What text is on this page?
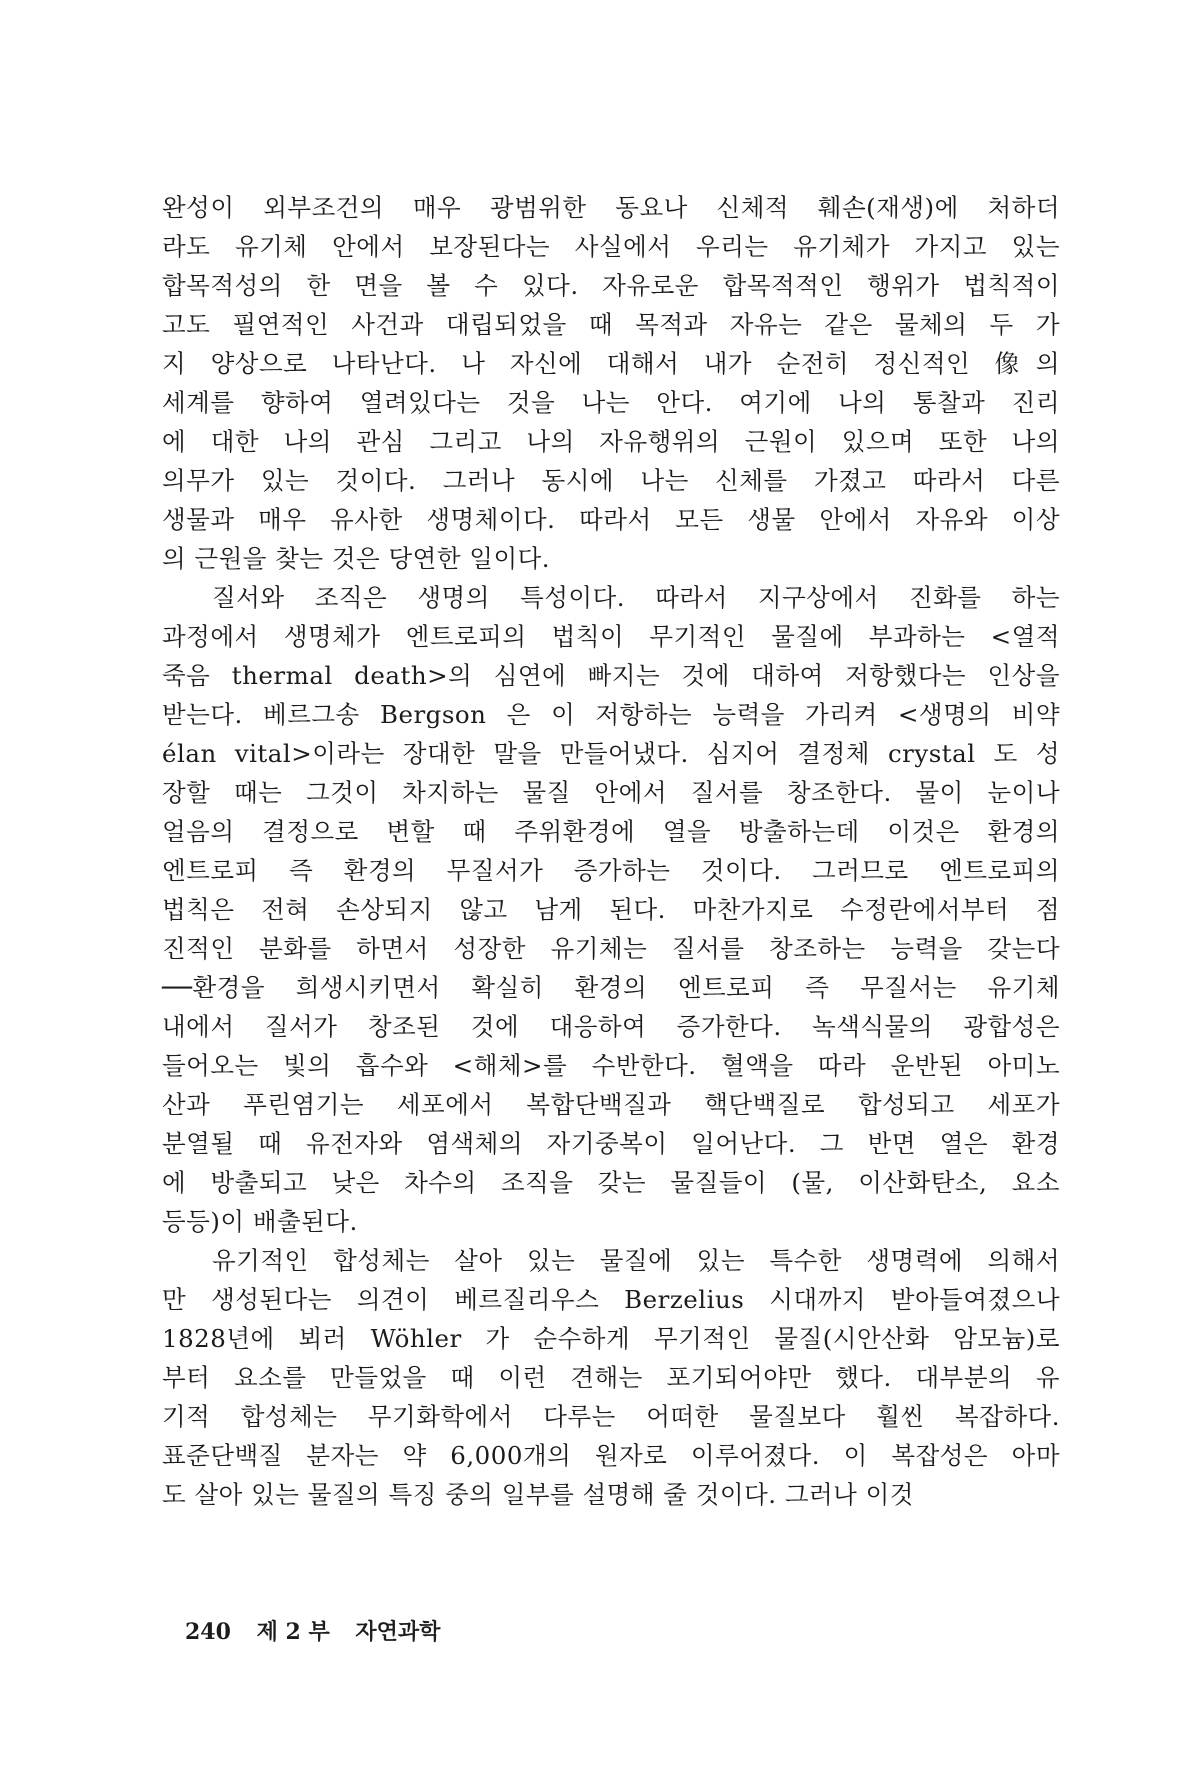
완성이 외부조건의 매우 광범위한 동요나 신체적 훼손(재생)에 처하더
라도 유기체 안에서 보장된다는 사실에서 우리는 유기체가 가지고 있는
합목적성의 한 면을 볼 수 있다. 자유로운 합목적적인 행위가 법칙적이
고도 필연적인 사건과 대립되었을 때 목적과 자유는 같은 물체의 두 가
지 양상으로 나타난다. 나 자신에 대해서 내가 순전히 정신적인 像의
세계를 향하여 열려있다는 것을 나는 안다. 여기에 나의 통찰과 진리
에 대한 나의 관심 그리고 나의 자유행위의 근원이 있으며 또한 나의
의무가 있는 것이다. 그러나 동시에 나는 신체를 가졌고 따라서 다른
생물과 매우 유사한 생명체이다. 따라서 모든 생물 안에서 자유와 이상
의 근원을 찾는 것은 당연한 일이다.
질서와 조직은 생명의 특성이다. 따라서 지구상에서 진화를 하는
과정에서 생명체가 엔트로피의 법칙이 무기적인 물질에 부과하는 <열적
죽음 thermal death>의 심연에 빠지는 것에 대하여 저항했다는 인상을
받는다. 베르그송 Bergson 은 이 저항하는 능력을 가리켜 <생명의 비약
élan vital>이라는 장대한 말을 만들어냈다. 심지어 결정체 crystal 도 성
장할 때는 그것이 차지하는 물질 안에서 질서를 창조한다. 물이 눈이나
얼음의 결정으로 변할 때 주위환경에 열을 방출하는데 이것은 환경의
엔트로피 즉 환경의 무질서가 증가하는 것이다. 그러므로 엔트로피의
법칙은 전혀 손상되지 않고 남게 된다. 마찬가지로 수정란에서부터 점
진적인 분화를 하면서 성장한 유기체는 질서를 창조하는 능력을 갖는다
──환경을 희생시키면서 확실히 환경의 엔트로피 즉 무질서는 유기체
내에서 질서가 창조된 것에 대응하여 증가한다. 녹색식물의 광합성은
들어오는 빛의 흡수와 <해체>를 수반한다. 혈액을 따라 운반된 아미노
산과 푸린염기는 세포에서 복합단백질과 핵단백질로 합성되고 세포가
분열될 때 유전자와 염색체의 자기중복이 일어난다. 그 반면 열은 환경
에 방출되고 낮은 차수의 조직을 갖는 물질들이 (물, 이산화탄소, 요소
등등)이 배출된다.
유기적인 합성체는 살아 있는 물질에 있는 특수한 생명력에 의해서
만 생성된다는 의견이 베르질리우스 Berzelius 시대까지 받아들여졌으나
1828년에 뵈러 Wöhler 가 순수하게 무기적인 물질(시안산화 암모늄)로
부터 요소를 만들었을 때 이런 견해는 포기되어야만 했다. 대부분의 유
기적 합성체는 무기화학에서 다루는 어떠한 물질보다 훨씬 복잡하다.
표준단백질 분자는 약 6,000개의 원자로 이루어졌다. 이 복잡성은 아마
도 살아 있는 물질의 특징 중의 일부를 설명해 줄 것이다. 그러나 이것
240 제 2 부 자연과학
